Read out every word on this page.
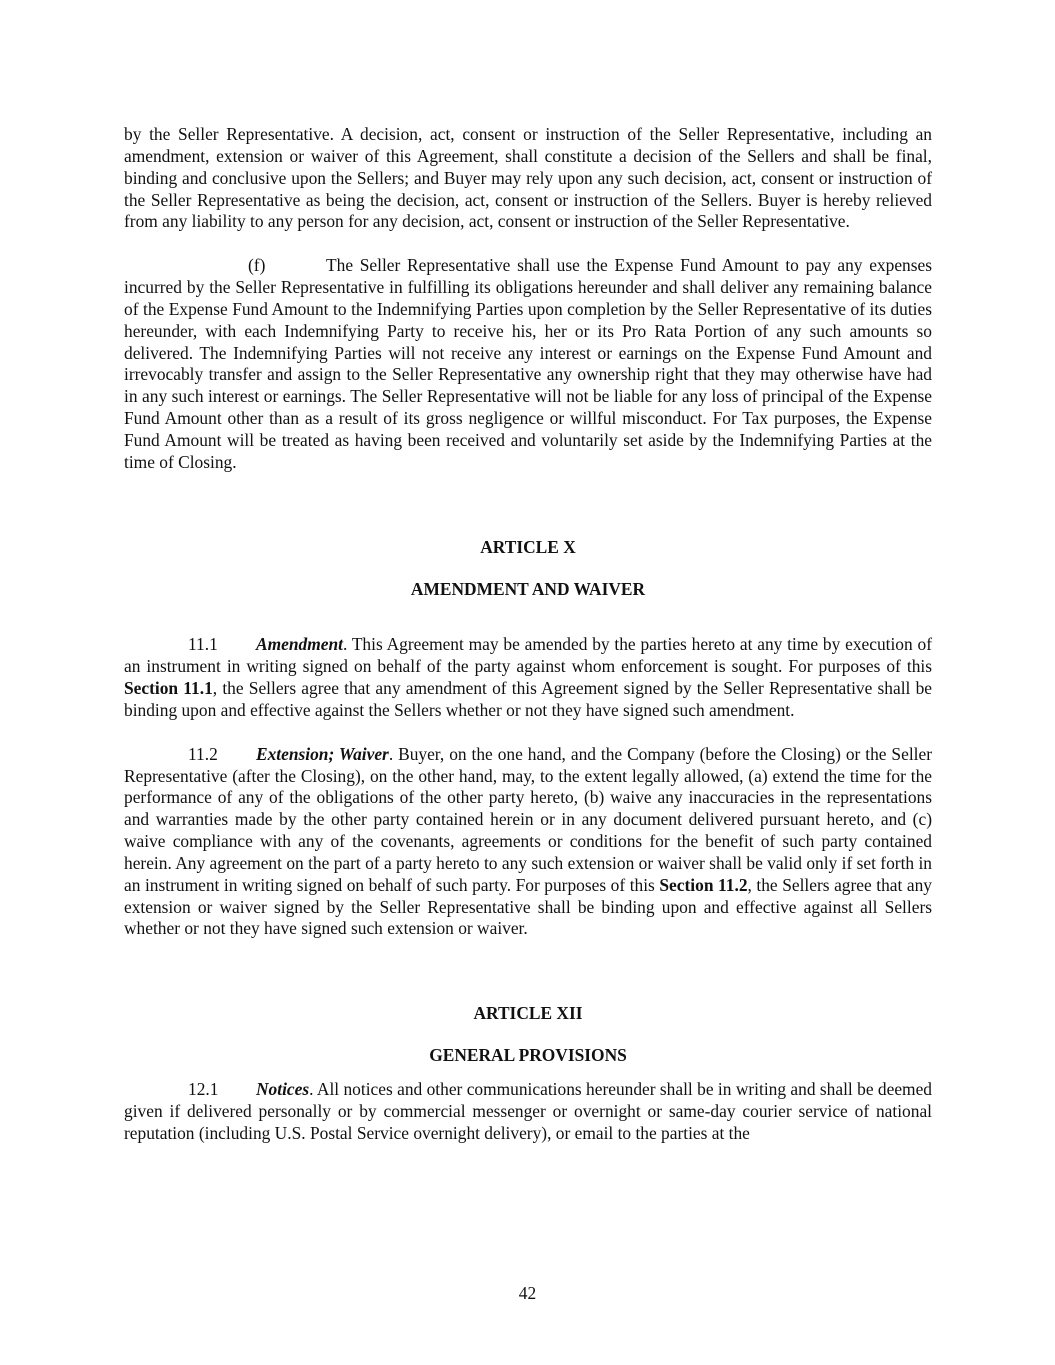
by the Seller Representative. A decision, act, consent or instruction of the Seller Representative, including an amendment, extension or waiver of this Agreement, shall constitute a decision of the Sellers and shall be final, binding and conclusive upon the Sellers; and Buyer may rely upon any such decision, act, consent or instruction of the Seller Representative as being the decision, act, consent or instruction of the Sellers. Buyer is hereby relieved from any liability to any person for any decision, act, consent or instruction of the Seller Representative.

(f)	The Seller Representative shall use the Expense Fund Amount to pay any expenses incurred by the Seller Representative in fulfilling its obligations hereunder and shall deliver any remaining balance of the Expense Fund Amount to the Indemnifying Parties upon completion by the Seller Representative of its duties hereunder, with each Indemnifying Party to receive his, her or its Pro Rata Portion of any such amounts so delivered. The Indemnifying Parties will not receive any interest or earnings on the Expense Fund Amount and irrevocably transfer and assign to the Seller Representative any ownership right that they may otherwise have had in any such interest or earnings. The Seller Representative will not be liable for any loss of principal of the Expense Fund Amount other than as a result of its gross negligence or willful misconduct. For Tax purposes, the Expense Fund Amount will be treated as having been received and voluntarily set aside by the Indemnifying Parties at the time of Closing.

ARTICLE X
AMENDMENT AND WAIVER

11.1 Amendment. This Agreement may be amended by the parties hereto at any time by execution of an instrument in writing signed on behalf of the party against whom enforcement is sought. For purposes of this Section 11.1, the Sellers agree that any amendment of this Agreement signed by the Seller Representative shall be binding upon and effective against the Sellers whether or not they have signed such amendment.

11.2 Extension; Waiver. Buyer, on the one hand, and the Company (before the Closing) or the Seller Representative (after the Closing), on the other hand, may, to the extent legally allowed, (a) extend the time for the performance of any of the obligations of the other party hereto, (b) waive any inaccuracies in the representations and warranties made by the other party contained herein or in any document delivered pursuant hereto, and (c) waive compliance with any of the covenants, agreements or conditions for the benefit of such party contained herein. Any agreement on the part of a party hereto to any such extension or waiver shall be valid only if set forth in an instrument in writing signed on behalf of such party. For purposes of this Section 11.2, the Sellers agree that any extension or waiver signed by the Seller Representative shall be binding upon and effective against all Sellers whether or not they have signed such extension or waiver.

ARTICLE XII
GENERAL PROVISIONS

12.1 Notices. All notices and other communications hereunder shall be in writing and shall be deemed given if delivered personally or by commercial messenger or overnight or same-day courier service of national reputation (including U.S. Postal Service overnight delivery), or email to the parties at the

42
